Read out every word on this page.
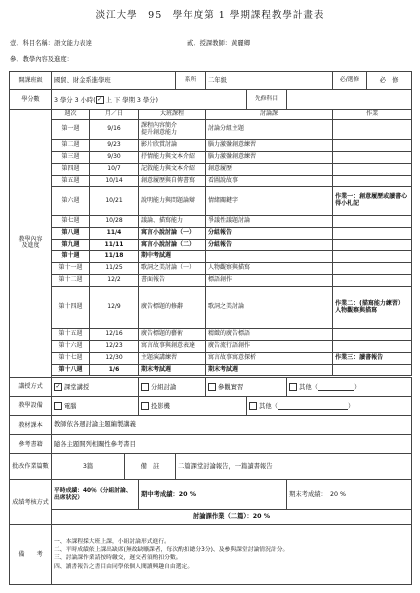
淡江大學　95　學年度第 1 學期課程教學計畫表
壹．科目名稱：語文能力表達	貳．授課教師：黃麗卿
參．教學內容及進度：
開課班級	國貿、財金系進學班				系所	二年級			必/選修	必　修
學分數	3 學分 3 小時(✓ 上 下 學期 3 學分)						先修科目			

教學內容
及進度	週次	月／日		大班課程		討論課			作業	
	第一週	9/16		課程內容簡介
提升創意能力		討論分組主題				
	第二週	9/23		影片欣賞討論		腦力激盪創意練習				
	第三週	9/30		抒情能力與文本介紹		腦力激盪創意練習				
	第四週	10/7		記敘能力與文本介紹		創意履歷				
	第五週	10/14		創意履歷與自傳書寫		看圖說故事				
	第六週	10/21		說明能力與問題論辯		情緒關鍵字			作業一：創意履歷或讀書心得小札記	
	第七週	10/28		議論、描寫能力		爭議性議題討論				
	第八週	11/4		寓言小說討論（一）		分組報告				
	第九週	11/11		寓言小說討論（二）		分組報告				
	第十週	11/18		期中考試週						
	第十一週	11/25		歌詞之美討論（一）		人物觀察與描寫				
	第十二週	12/2		書面報告		標語創作				
	第十四週	12/9		廣告標題的修辭		歌詞之美討論			作業二：(描寫能力練習）人物觀察與描寫	
	第十五週	12/16		廣告標題的藝術		精緻的廣告標語				
	第十六週	12/23		寓言故事與創意表達		廣告流行語創作				
	第十七週	12/30		主題演講練習		寓言故事寓意探析			作業三：讀書報告	
	第十八週	1/6		期末考試週		期末考試週				

講授方式	✓ 課堂講授			分組討論		參觀實習		其他（ ）		
教學設備	電腦			投影機			其他（ ）			
教材課本	教師依各週討論主題編製講義									
參考書籍	隨各主題開列相關性參考書目									
批改作業篇數	3篇		備　註		二篇課堂討論報告，一篇讀書報告					
成績考核方式	平時成績：40％（分組討論、出席狀況）			期中考成績：20 %				期末考成績：　20 %		
	討論課作業（二篇）：20 %									
備　　考	一、本課程採大班上課，小組討論形式進行。
二、平時成績依上課出缺席(無故缺曠課者，每次酌扣總分3分)、及參與課堂討論情況計分。
三、討論課作業請按時繳交，遲交者須酌扣分數。
四、讀書報告之書目由同學依個人閱讀興趣自由選定。									
